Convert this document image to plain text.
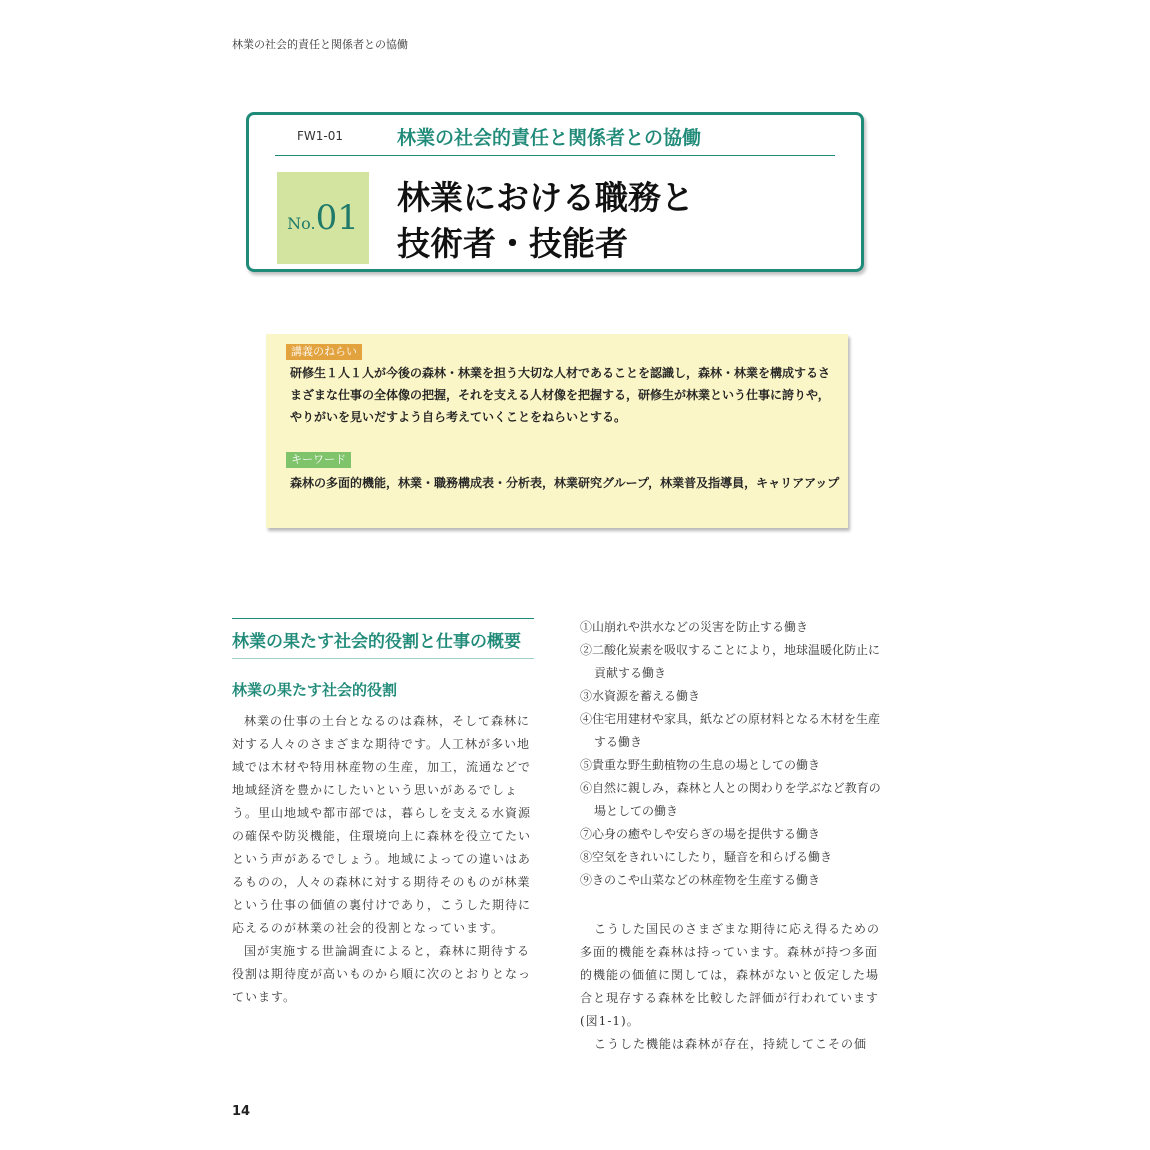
林業の社会的責任と関係者との協働
FW1-01	林業の社会的責任と関係者との協働
No. 01
林業における職務と
技術者・技能者
講義のねらい
研修生１人１人が今後の森林・林業を担う大切な人材であることを認識し，森林・林業を構成するさまざまな仕事の全体像の把握，それを支える人材像を把握する，研修生が林業という仕事に誇りや，やりがいを見いだすよう自ら考えていくことをねらいとする。
キーワード
森林の多面的機能，林業・職務構成表・分析表，林業研究グループ，林業普及指導員，キャリアアップ
林業の果たす社会的役割と仕事の概要
林業の果たす社会的役割

林業の仕事の土台となるのは森林，そして森林に対する人々のさまざまな期待です。人工林が多い地域では木材や特用林産物の生産，加工，流通などで地域経済を豊かにしたいという思いがあるでしょう。里山地域や都市部では，暮らしを支える水資源の確保や防災機能，住環境向上に森林を役立てたいという声があるでしょう。地域によっての違いはあるものの，人々の森林に対する期待そのものが林業という仕事の価値の裏付けであり，こうした期待に応えるのが林業の社会的役割となっています。

国が実施する世論調査によると，森林に期待する役割は期待度が高いものから順に次のとおりとなっています。

①山崩れや洪水などの災害を防止する働き
②二酸化炭素を吸収することにより，地球温暖化防止に貢献する働き
③水資源を蓄える働き
④住宅用建材や家具，紙などの原材料となる木材を生産する働き
⑤貴重な野生動植物の生息の場としての働き
⑥自然に親しみ，森林と人との関わりを学ぶなど教育の場としての働き
⑦心身の癒やしや安らぎの場を提供する働き
⑧空気をきれいにしたり，騒音を和らげる働き
⑨きのこや山菜などの林産物を生産する働き

こうした国民のさまざまな期待に応え得るための多面的機能を森林は持っています。森林が持つ多面的機能の価値に関しては，森林がないと仮定した場合と現存する森林を比較した評価が行われています(図1-1)。

こうした機能は森林が存在，持続してこその価

14
